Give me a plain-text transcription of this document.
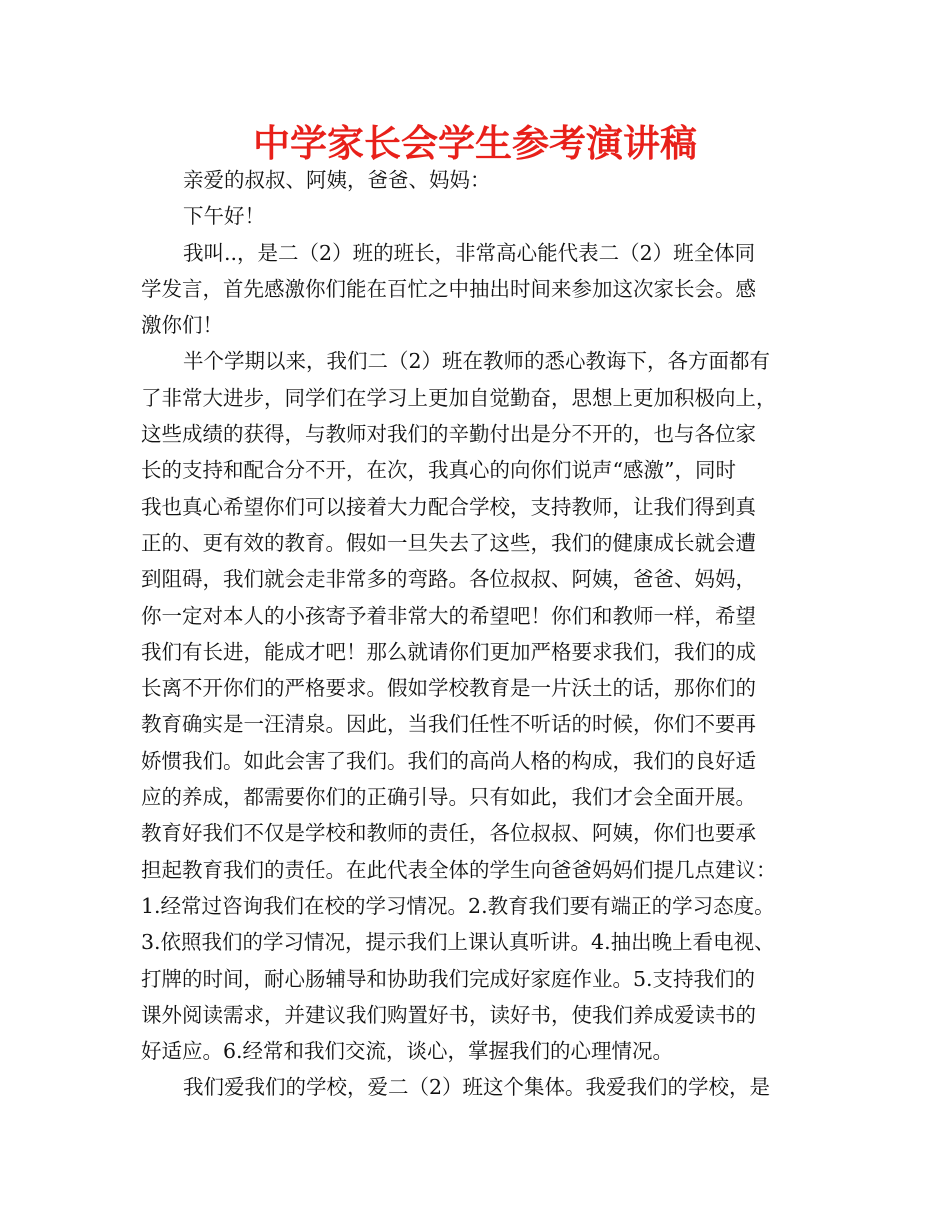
中学家长会学生参考演讲稿
亲爱的叔叔、阿姨，爸爸、妈妈：
下午好！
我叫..，是二（2）班的班长，非常高心能代表二（2）班全体同
学发言，首先感激你们能在百忙之中抽出时间来参加这次家长会。感
激你们！
半个学期以来，我们二（2）班在教师的悉心教诲下，各方面都有
了非常大进步，同学们在学习上更加自觉勤奋，思想上更加积极向上，
这些成绩的获得，与教师对我们的辛勤付出是分不开的，也与各位家
长的支持和配合分不开，在次，我真心的向你们说声“感激”，同时
我也真心希望你们可以接着大力配合学校，支持教师，让我们得到真
正的、更有效的教育。假如一旦失去了这些，我们的健康成长就会遭
到阻碍，我们就会走非常多的弯路。各位叔叔、阿姨，爸爸、妈妈，
你一定对本人的小孩寄予着非常大的希望吧！你们和教师一样，希望
我们有长进，能成才吧！那么就请你们更加严格要求我们，我们的成
长离不开你们的严格要求。假如学校教育是一片沃土的话，那你们的
教育确实是一汪清泉。因此，当我们任性不听话的时候，你们不要再
娇惯我们。如此会害了我们。我们的高尚人格的构成，我们的良好适
应的养成，都需要你们的正确引导。只有如此，我们才会全面开展。
教育好我们不仅是学校和教师的责任，各位叔叔、阿姨，你们也要承
担起教育我们的责任。在此代表全体的学生向爸爸妈妈们提几点建议：
1.经常过咨询我们在校的学习情况。2.教育我们要有端正的学习态度。
3.依照我们的学习情况，提示我们上课认真听讲。4.抽出晚上看电视、
打牌的时间，耐心肠辅导和协助我们完成好家庭作业。5.支持我们的
课外阅读需求，并建议我们购置好书，读好书，使我们养成爱读书的
好适应。6.经常和我们交流，谈心，掌握我们的心理情况。
我们爱我们的学校，爱二（2）班这个集体。我爱我们的学校，是
